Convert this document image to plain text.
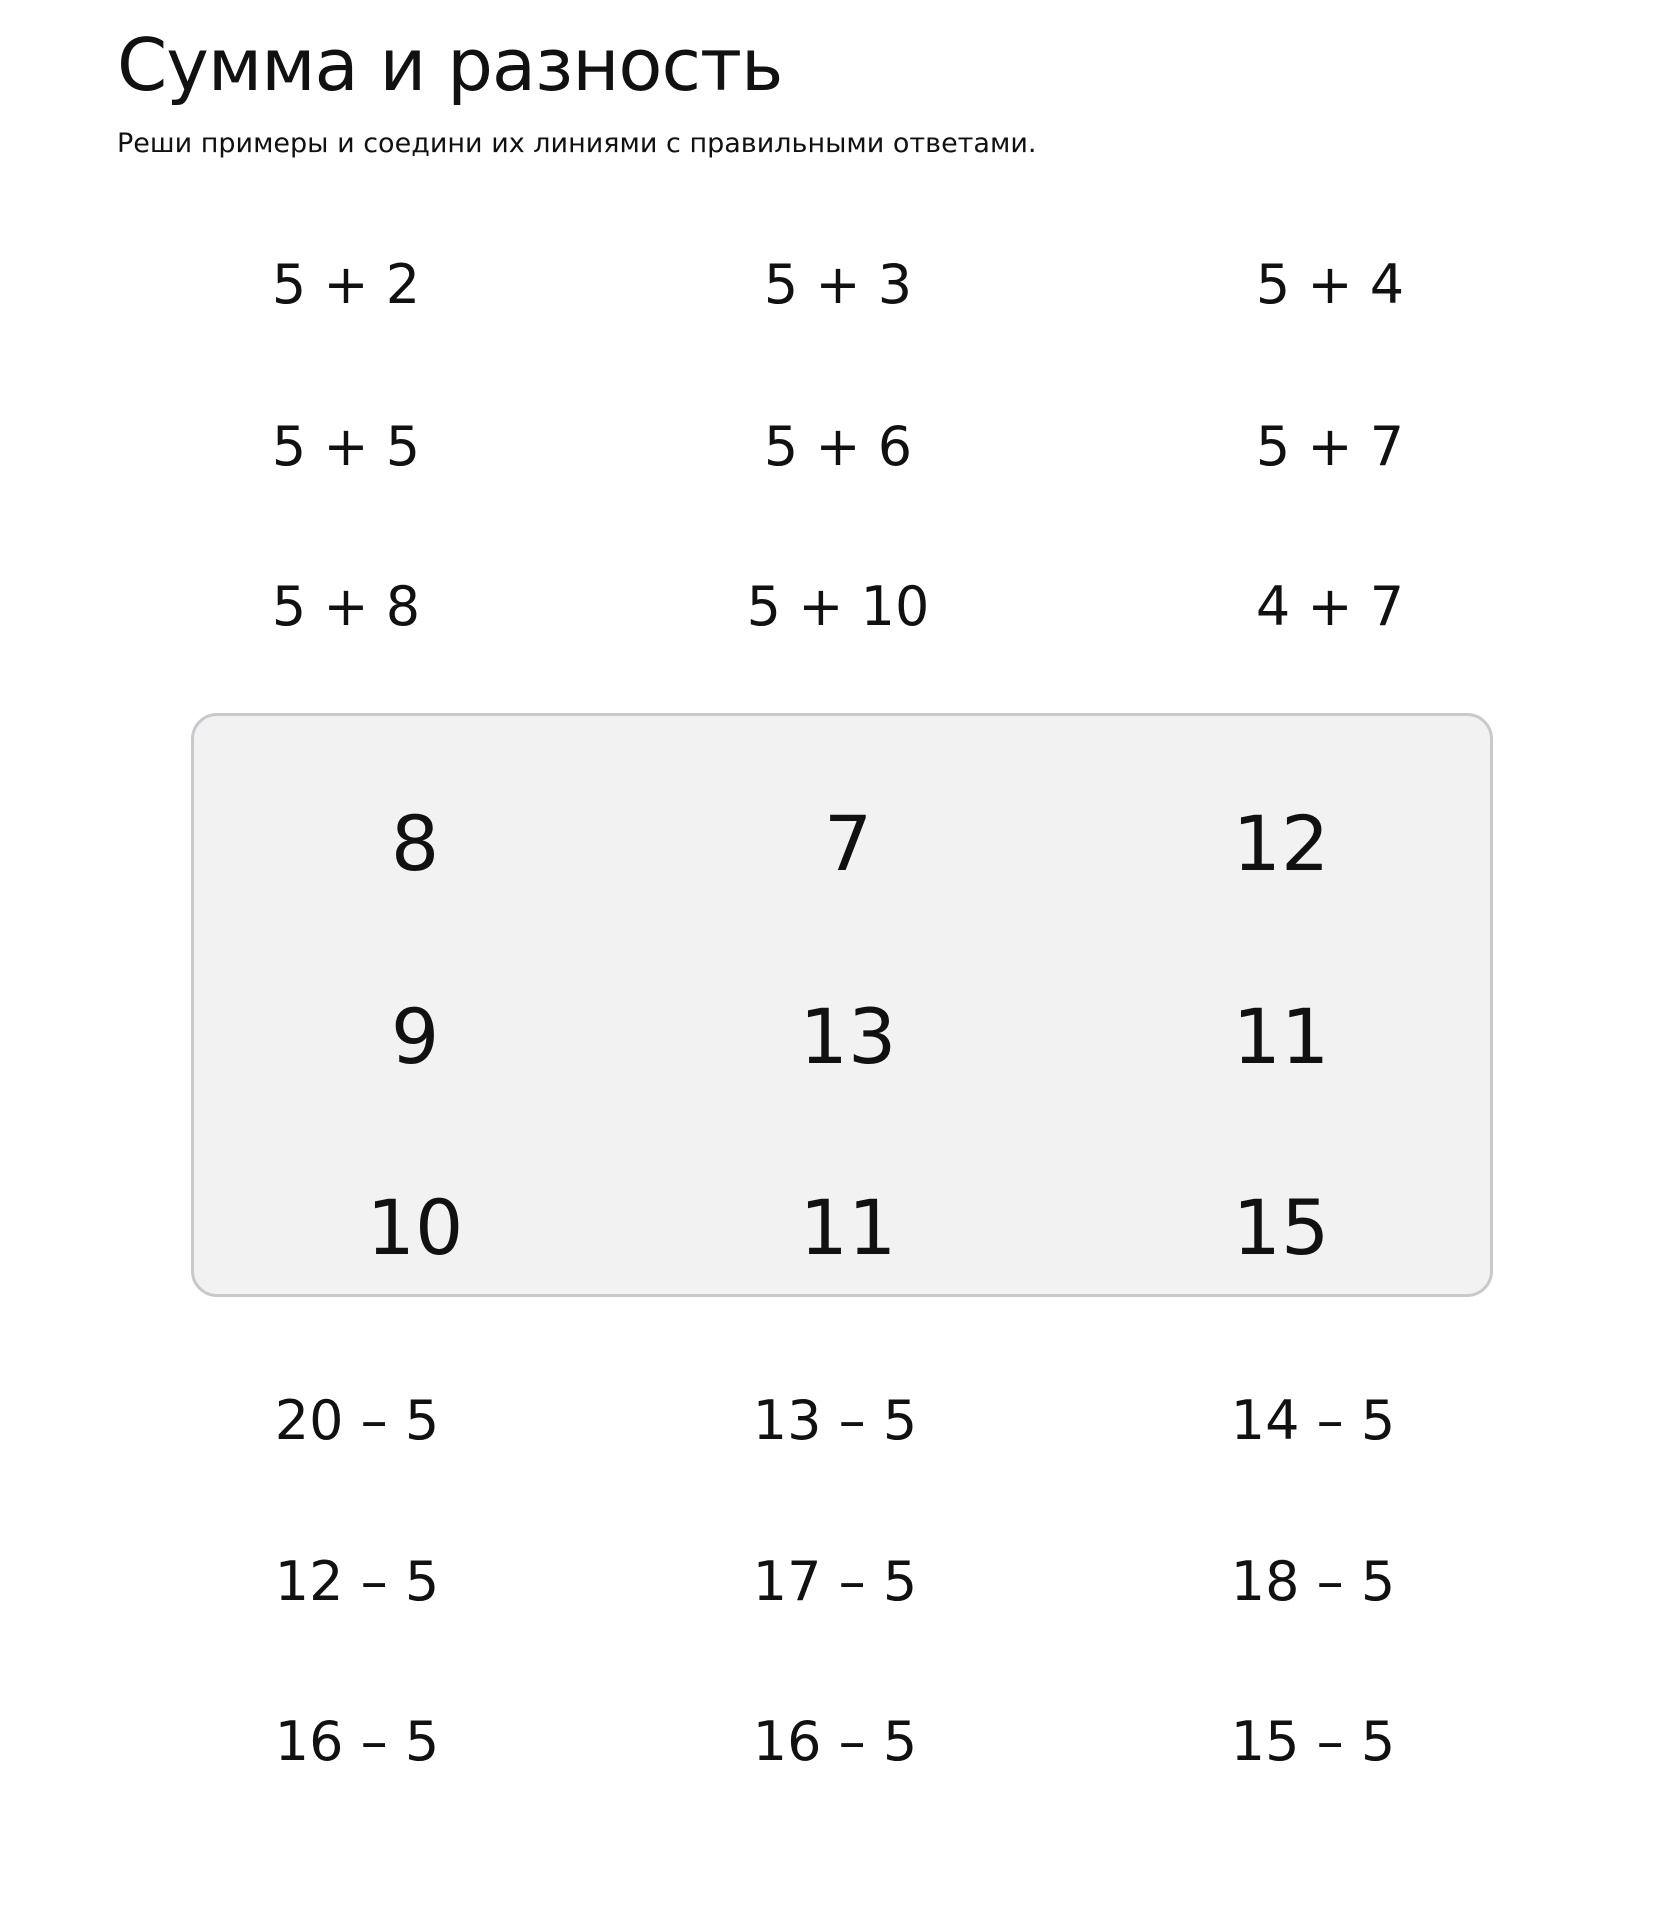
Сумма и разность

Реши примеры и соедини их линиями с правильными ответами.

5 + 2	5 + 3	5 + 4
5 + 5	5 + 6	5 + 7
5 + 8	5 + 10	4 + 7
8	7	12
9	13	11
10	11	15
20 – 5	13 – 5	14 – 5
12 – 5	17 – 5	18 – 5
16 – 5	16 – 5	15 – 5
